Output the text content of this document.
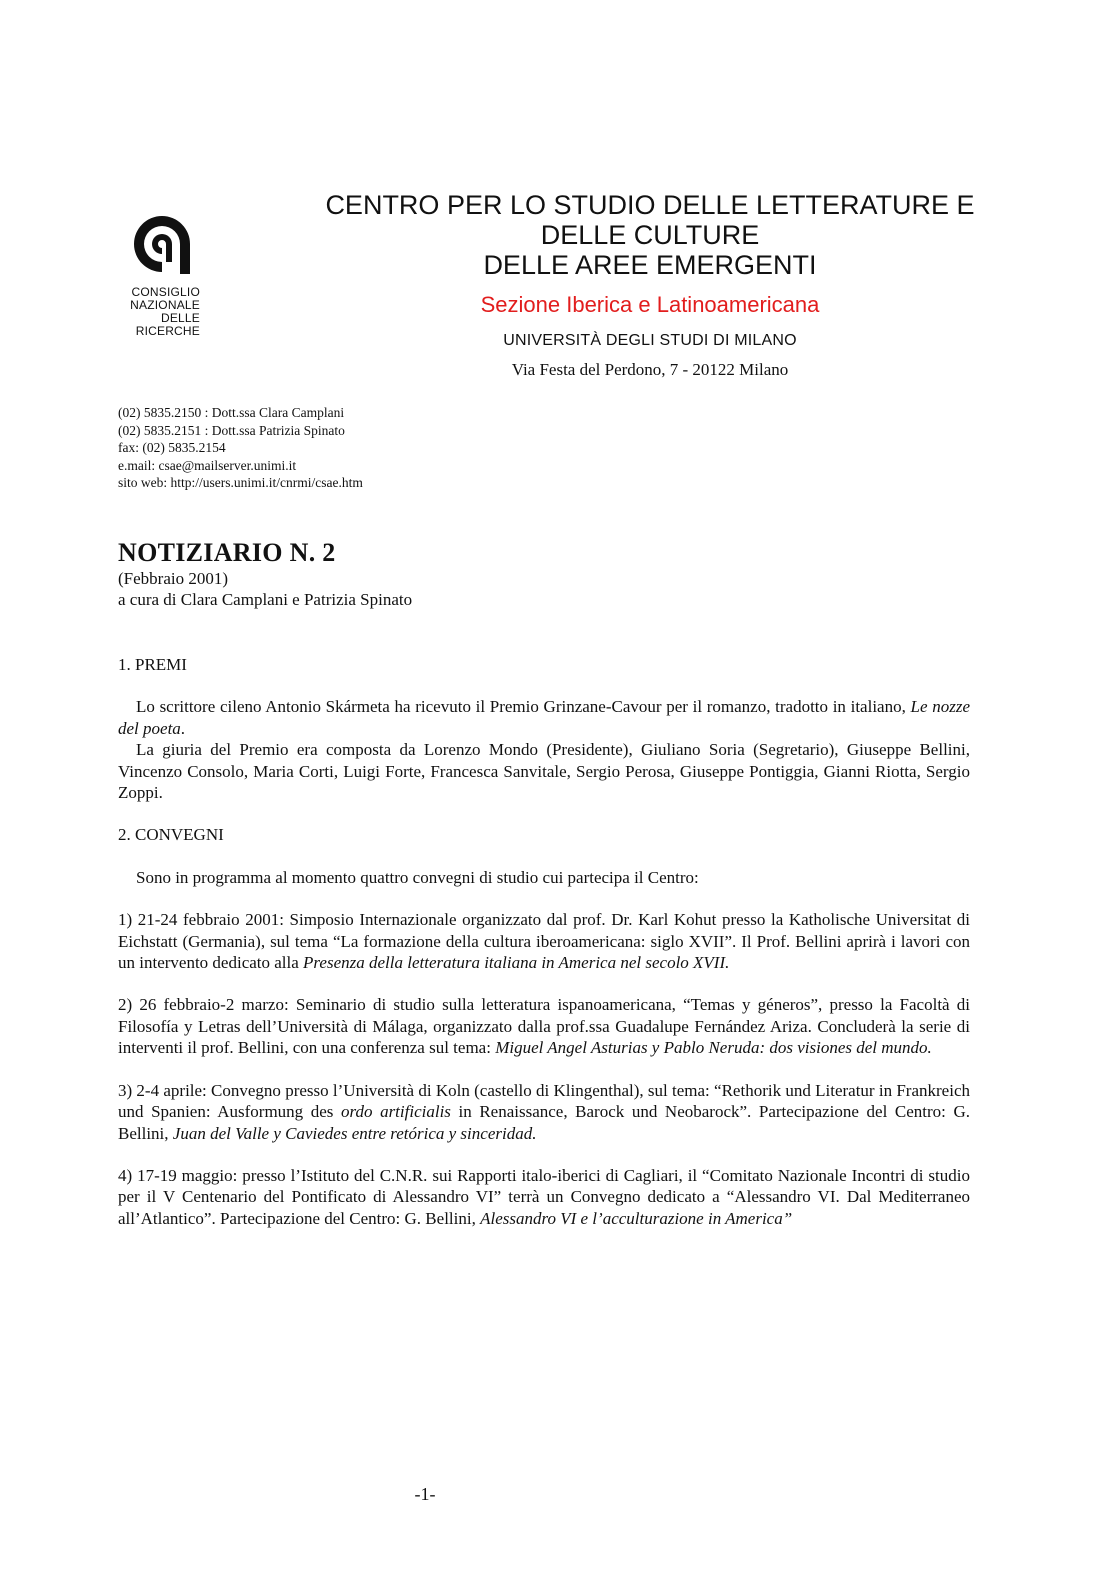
CONSIGLIO
NAZIONALE
DELLE
RICERCHE
CENTRO PER LO STUDIO DELLE LETTERATURE E
DELLE CULTURE
DELLE AREE EMERGENTI
Sezione Iberica e Latinoamericana
UNIVERSITÀ DEGLI STUDI DI MILANO
Via Festa del Perdono, 7 - 20122 Milano
(02) 5835.2150 : Dott.ssa Clara Camplani
(02) 5835.2151 : Dott.ssa Patrizia Spinato
fax: (02) 5835.2154
e.mail: csae@mailserver.unimi.it
sito web: http://users.unimi.it/cnrmi/csae.htm
NOTIZIARIO N. 2
(Febbraio 2001)
a cura di Clara Camplani e Patrizia Spinato
1. PREMI

Lo scrittore cileno Antonio Skármeta ha ricevuto il Premio Grinzane-Cavour per il romanzo, tradotto in italiano, Le nozze del poeta.

La giuria del Premio era composta da Lorenzo Mondo (Presidente), Giuliano Soria (Segretario), Giuseppe Bellini, Vincenzo Consolo, Maria Corti, Luigi Forte, Francesca Sanvitale, Sergio Perosa, Giuseppe Pontiggia, Gianni Riotta, Sergio Zoppi.

2. CONVEGNI

Sono in programma al momento quattro convegni di studio cui partecipa il Centro:

1) 21-24 febbraio 2001: Simposio Internazionale organizzato dal prof. Dr. Karl Kohut presso la Katholische Universitat di Eichstatt (Germania), sul tema “La formazione della cultura iberoamericana: siglo XVII”. Il Prof. Bellini aprirà i lavori con un intervento dedicato alla Presenza della letteratura italiana in America nel secolo XVII.

2) 26 febbraio-2 marzo: Seminario di studio sulla letteratura ispanoamericana, “Temas y géneros”, presso la Facoltà di Filosofía y Letras dell’Università di Málaga, organizzato dalla prof.ssa Guadalupe Fernández Ariza. Concluderà la serie di interventi il prof. Bellini, con una conferenza sul tema: Miguel Angel Asturias y Pablo Neruda: dos visiones del mundo.

3) 2-4 aprile: Convegno presso l’Università di Koln (castello di Klingenthal), sul tema: “Rethorik und Literatur in Frankreich und Spanien: Ausformung des ordo artificialis in Renaissance, Barock und Neobarock”. Partecipazione del Centro: G. Bellini, Juan del Valle y Caviedes entre retórica y sinceridad.

4) 17-19 maggio: presso l’Istituto del C.N.R. sui Rapporti italo-iberici di Cagliari, il “Comitato Nazionale Incontri di studio per il V Centenario del Pontificato di Alessandro VI” terrà un Convegno dedicato a “Alessandro VI. Dal Mediterraneo all’Atlantico”. Partecipazione del Centro: G. Bellini, Alessandro VI e l’acculturazione in America”

-1-
